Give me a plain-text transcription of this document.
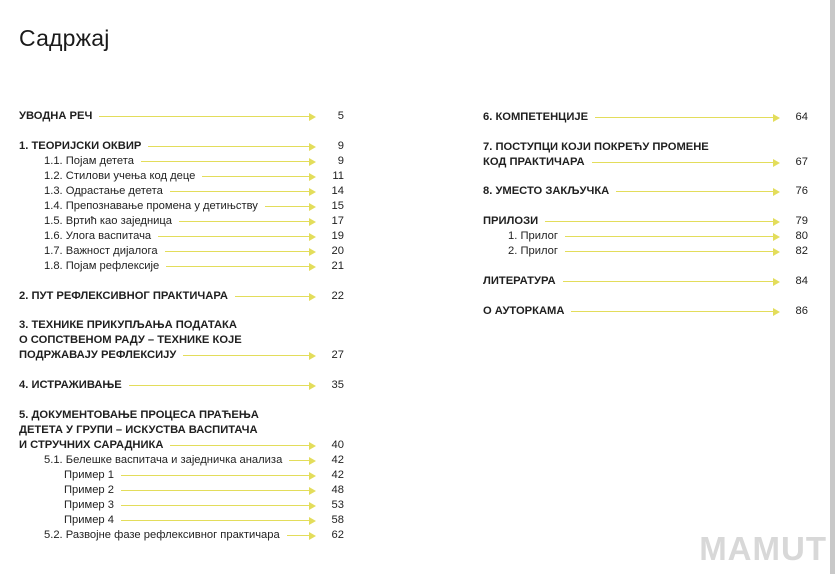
Садржај
УВОДНА РЕЧ	5
1. ТЕОРИЈСКИ ОКВИР	9
1.1. Појам детета	9
1.2. Стилови учења код деце	11
1.3. Одрастање детета	14
1.4. Препознавање промена у детињству	15
1.5. Вртић као заједница	17
1.6. Улога васпитача	19
1.7. Важност дијалога	20
1.8. Појам рефлексије	21
2. ПУТ РЕФЛЕКСИВНОГ ПРАКТИЧАРА	22
3. ТЕХНИКЕ ПРИКУПЉАЊА ПОДАТАКА
О СОПСТВЕНОМ РАДУ – ТЕХНИКЕ КОЈЕ
ПОДРЖАВАЈУ РЕФЛЕКСИЈУ	27
4. ИСТРАЖИВАЊЕ	35
5. ДОКУМЕНТОВАЊЕ ПРОЦЕСА ПРАЋЕЊА
ДЕТЕТА У ГРУПИ – ИСКУСТВА ВАСПИТАЧА
И СТРУЧНИХ САРАДНИКА	40
5.1. Белешке васпитача и заједничка анализа	42
Пример 1	42
Пример 2	48
Пример 3	53
Пример 4	58
5.2. Развојне фазе рефлексивног практичара	62
6. КОМПЕТЕНЦИЈЕ	64
7. ПОСТУПЦИ КОЈИ ПОКРЕЋУ ПРОМЕНЕ
КОД ПРАКТИЧАРА	67
8. УМЕСТО ЗАКЉУЧКА	76
ПРИЛОЗИ	79
1. Прилог	80
2. Прилог	82
ЛИТЕРАТУРА	84
О АУТОРКАМА	86
MAMUT
